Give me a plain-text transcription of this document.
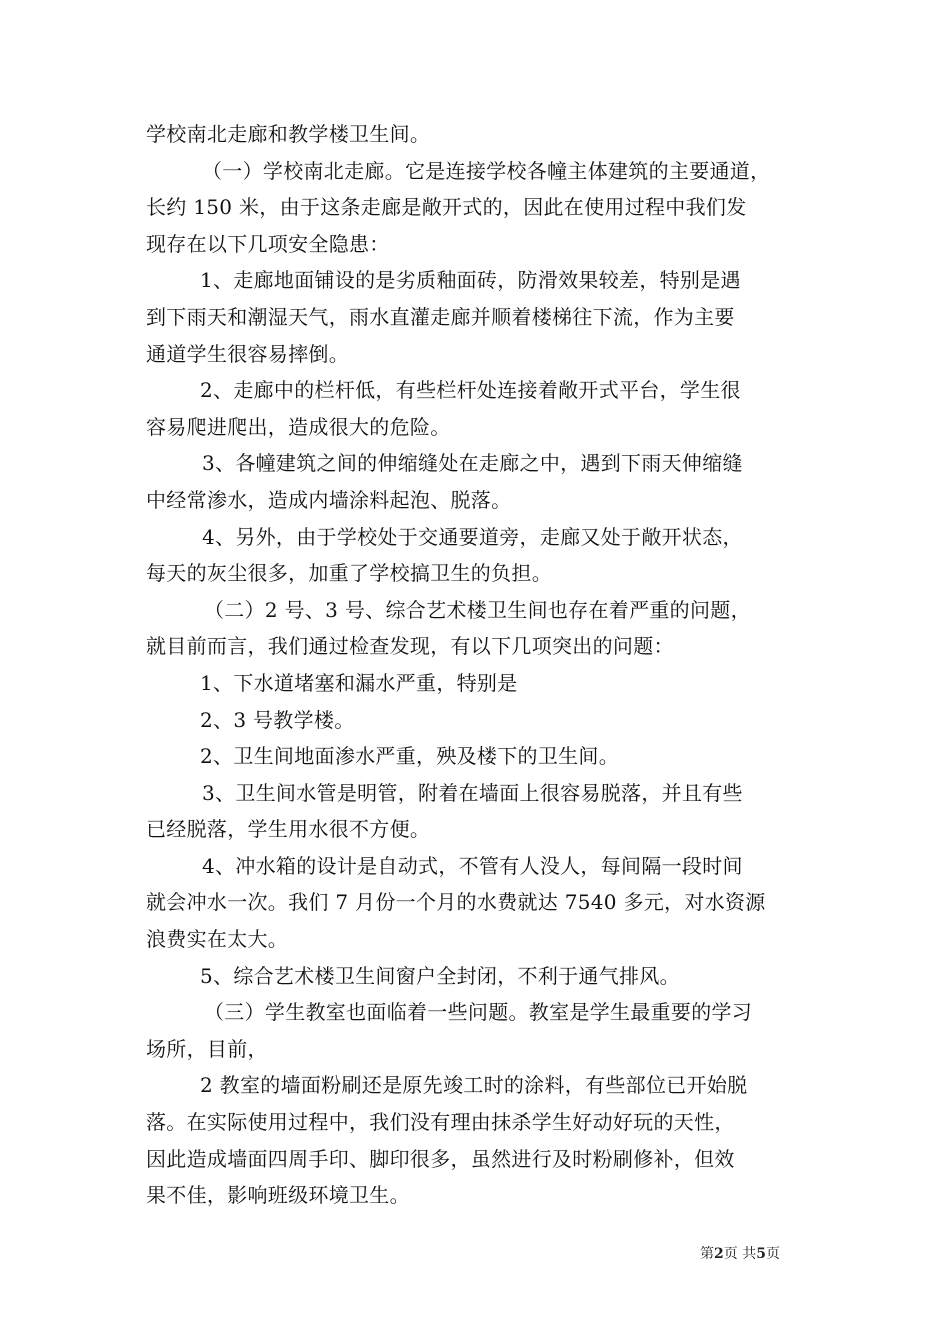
学校南北走廊和教学楼卫生间。
（一）学校南北走廊。它是连接学校各幢主体建筑的主要通道，
长约 150 米，由于这条走廊是敞开式的，因此在使用过程中我们发
现存在以下几项安全隐患：
1、走廊地面铺设的是劣质釉面砖，防滑效果较差，特别是遇
到下雨天和潮湿天气，雨水直灌走廊并顺着楼梯往下流，作为主要
通道学生很容易摔倒。
2、走廊中的栏杆低，有些栏杆处连接着敞开式平台，学生很
容易爬进爬出，造成很大的危险。
3、各幢建筑之间的伸缩缝处在走廊之中，遇到下雨天伸缩缝
中经常渗水，造成内墙涂料起泡、脱落。
4、另外，由于学校处于交通要道旁，走廊又处于敞开状态，
每天的灰尘很多，加重了学校搞卫生的负担。
（二）2 号、3 号、综合艺术楼卫生间也存在着严重的问题，
就目前而言，我们通过检查发现，有以下几项突出的问题：
1、下水道堵塞和漏水严重，特别是
2、3 号教学楼。
2、卫生间地面渗水严重，殃及楼下的卫生间。
3、卫生间水管是明管，附着在墙面上很容易脱落，并且有些
已经脱落，学生用水很不方便。
4、冲水箱的设计是自动式，不管有人没人，每间隔一段时间
就会冲水一次。我们 7 月份一个月的水费就达 7540 多元，对水资源
浪费实在太大。
5、综合艺术楼卫生间窗户全封闭，不利于通气排风。
（三）学生教室也面临着一些问题。教室是学生最重要的学习
场所，目前，
2 教室的墙面粉刷还是原先竣工时的涂料，有些部位已开始脱
落。在实际使用过程中，我们没有理由抹杀学生好动好玩的天性，
因此造成墙面四周手印、脚印很多，虽然进行及时粉刷修补，但效
果不佳，影响班级环境卫生。
第2页 共5页
